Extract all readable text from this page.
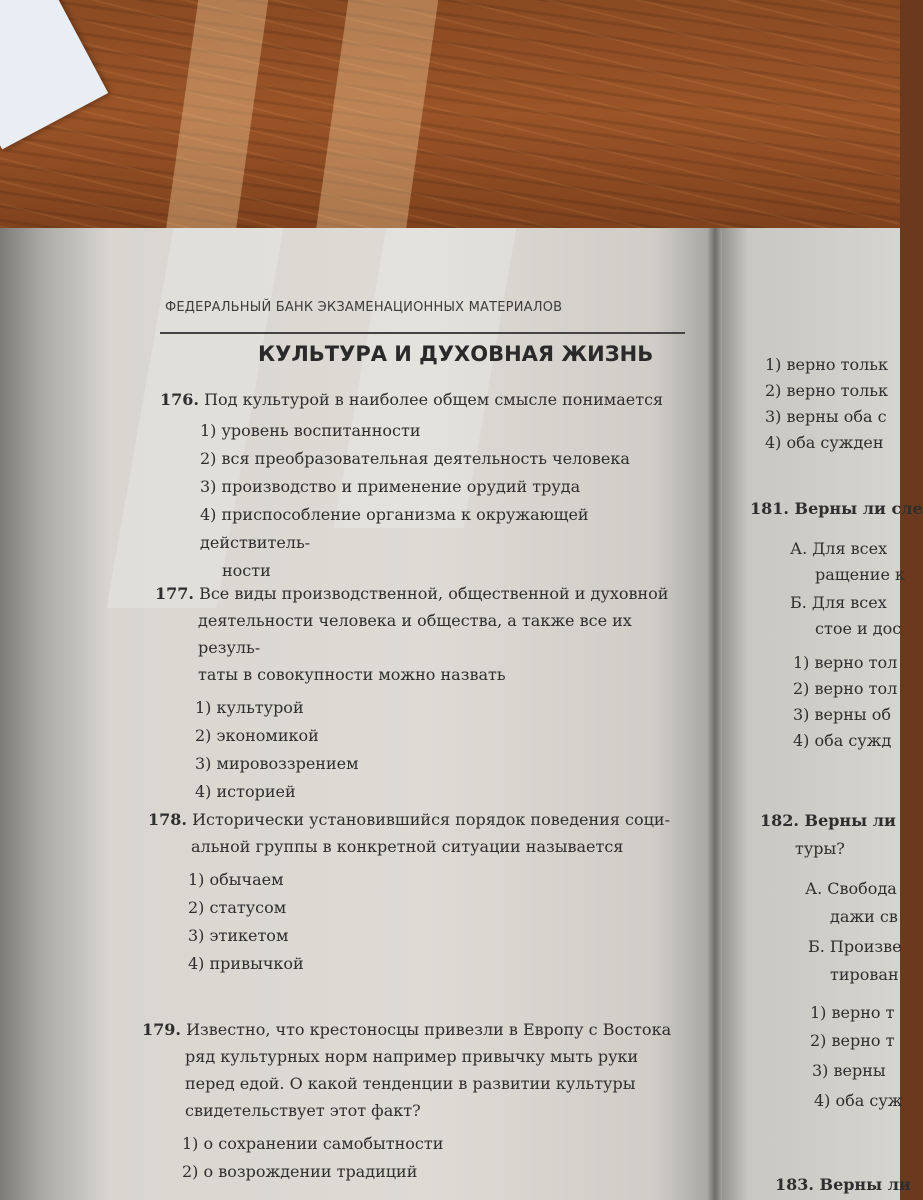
ФЕДЕРАЛЬНЫЙ БАНК ЭКЗАМЕНАЦИОННЫХ МАТЕРИАЛОВ
КУЛЬТУРА И ДУХОВНАЯ ЖИЗНЬ
176. Под культурой в наиболее общем смысле понимается
1) уровень воспитанности
2) вся преобразовательная деятельность человека
3) производство и применение орудий труда
4) приспособление организма к окружающей действитель-
ности
177. Все виды производственной, общественной и духовной
деятельности человека и общества, а также все их резуль-
таты в совокупности можно назвать
1) культурой
2) экономикой
3) мировоззрением
4) историей
178. Исторически установившийся порядок поведения соци-
альной группы в конкретной ситуации называется
1) обычаем
2) статусом
3) этикетом
4) привычкой
179. Известно, что крестоносцы привезли в Европу с Востока
ряд культурных норм например привычку мыть руки
перед едой. О какой тенденции в развитии культуры
свидетельствует этот факт?
1) о сохранении самобытности
2) о возрождении традиций
1) верно тольк
2) верно тольк
3) верны оба с
4) оба сужден
181. Верны ли сле
А. Для всех
ращение к
Б. Для всех
стое и дос
1) верно тол
2) верно тол
3) верны об
4) оба сужд
182. Верны ли
туры?
А. Свобода
дажи св
Б. Произве
тирован
1) верно т
2) верно т
3) верны
4) оба суж
183. Верны ли
